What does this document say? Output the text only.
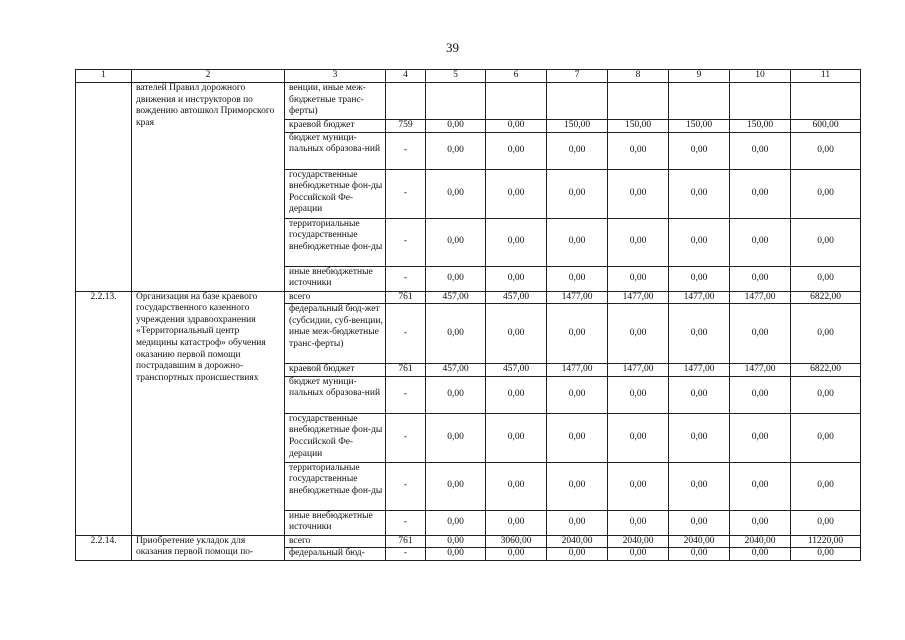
39
1	2	3	4	5	6	7	8	9	10	11
	вателей Правил дорожного движения и инструкторов по вождению автошкол Приморского края	венции, иные меж-бюджетные транс-ферты)								
		краевой бюджет	759	0,00	0,00	150,00	150,00	150,00	150,00	600,00
		бюджет муници-пальных образова-ний	-	0,00	0,00	0,00	0,00	0,00	0,00	0,00
		государственные внебюджетные фон-ды Российской Фе-дерации	-	0,00	0,00	0,00	0,00	0,00	0,00	0,00
		территориальные государственные внебюджетные фон-ды	-	0,00	0,00	0,00	0,00	0,00	0,00	0,00
		иные внебюджетные источники	-	0,00	0,00	0,00	0,00	0,00	0,00	0,00
2.2.13.	Организация на базе краевого государственного казенного учреждения здравоохранения «Территориальный центр медицины катастроф» обучения оказанию первой помощи пострадавшим в дорожно-транспортных происшествиях	всего	761	457,00	457,00	1477,00	1477,00	1477,00	1477,00	6822,00
		федеральный бюд-жет (субсидии, суб-венции, иные меж-бюджетные транс-ферты)	-	0,00	0,00	0,00	0,00	0,00	0,00	0,00
		краевой бюджет	761	457,00	457,00	1477,00	1477,00	1477,00	1477,00	6822,00
		бюджет муници-пальных образова-ний	-	0,00	0,00	0,00	0,00	0,00	0,00	0,00
		государственные внебюджетные фон-ды Российской Фе-дерации	-	0,00	0,00	0,00	0,00	0,00	0,00	0,00
		территориальные государственные внебюджетные фон-ды	-	0,00	0,00	0,00	0,00	0,00	0,00	0,00
		иные внебюджетные источники	-	0,00	0,00	0,00	0,00	0,00	0,00	0,00
2.2.14.	Приобретение укладок для оказания первой помощи по-	всего	761	0,00	3060,00	2040,00	2040,00	2040,00	2040,00	11220,00
		федеральный бюд-	-	0,00	0,00	0,00	0,00	0,00	0,00	0,00
